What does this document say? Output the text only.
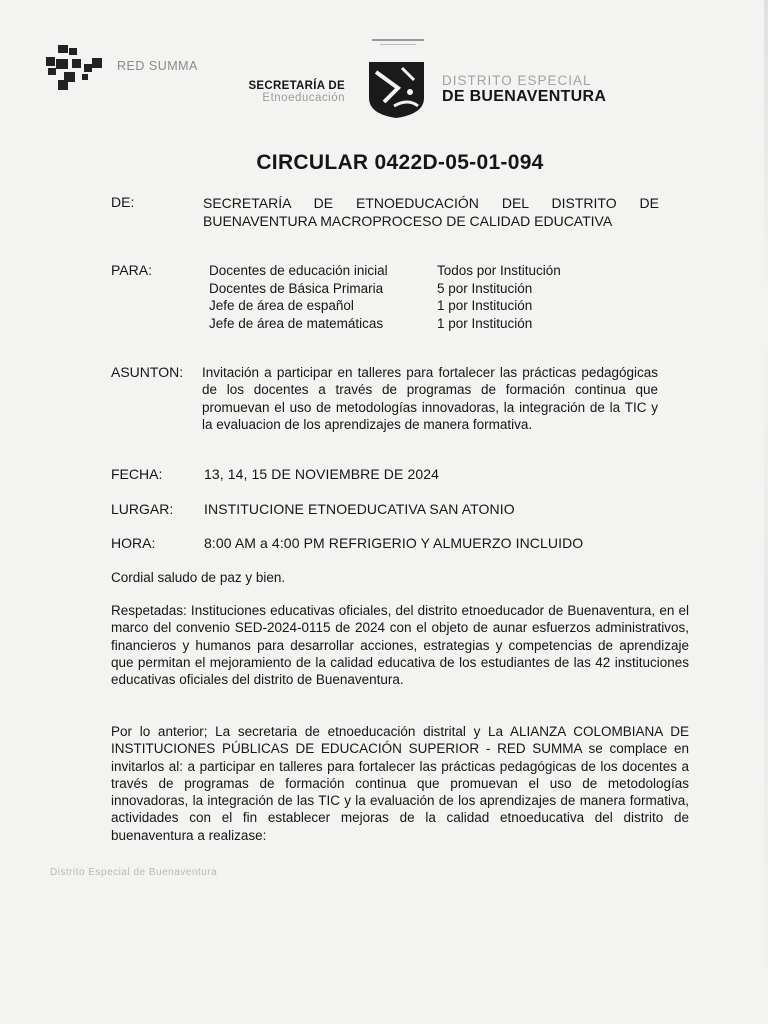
RED SUMMA
SECRETARÍA DE
Etnoeducación
DISTRITO ESPECIAL
DE BUENAVENTURA
CIRCULAR 0422D-05-01-094
DE:	SECRETARÍA DE ETNOEDUCACIÓN DEL DISTRITO DE
BUENAVENTURA MACROPROCESO DE CALIDAD EDUCATIVA
PARA:	Docentes de educación inicial	Todos por Institución
Docentes de Básica Primaria	5 por Institución
Jefe de área de español	1 por Institución
Jefe de área de matemáticas	1 por Institución
ASUNTON: Invitación a participar en talleres para fortalecer las prácticas pedagógicas de los docentes a través de programas de formación continua que promuevan el uso de metodologías innovadoras, la integración de la TIC y la evaluacion de los aprendizajes de manera formativa.
FECHA:	13, 14, 15 DE NOVIEMBRE DE 2024
LURGAR: INSTITUCIONE ETNOEDUCATIVA SAN ATONIO
HORA:	8:00 AM a 4:00 PM REFRIGERIO Y ALMUERZO INCLUIDO
Cordial saludo de paz y bien.
Respetadas: Instituciones educativas oficiales, del distrito etnoeducador de Buenaventura, en el marco del convenio SED-2024-0115 de 2024 con el objeto de aunar esfuerzos administrativos, financieros y humanos para desarrollar acciones, estrategias y competencias de aprendizaje que permitan el mejoramiento de la calidad educativa de los estudiantes de las 42 instituciones educativas oficiales del distrito de Buenaventura.
Por lo anterior; La secretaria de etnoeducación distrital y La ALIANZA COLOMBIANA DE INSTITUCIONES PÚBLICAS DE EDUCACIÓN SUPERIOR - RED SUMMA se complace en invitarlos al: a participar en talleres para fortalecer las prácticas pedagógicas de los docentes a través de programas de formación continua que promuevan el uso de metodologías innovadoras, la integración de las TIC y la evaluación de los aprendizajes de manera formativa, actividades con el fin establecer mejoras de la calidad etnoeducativa del distrito de buenaventura a realizase:
Distrito Especial de Buenaventura
